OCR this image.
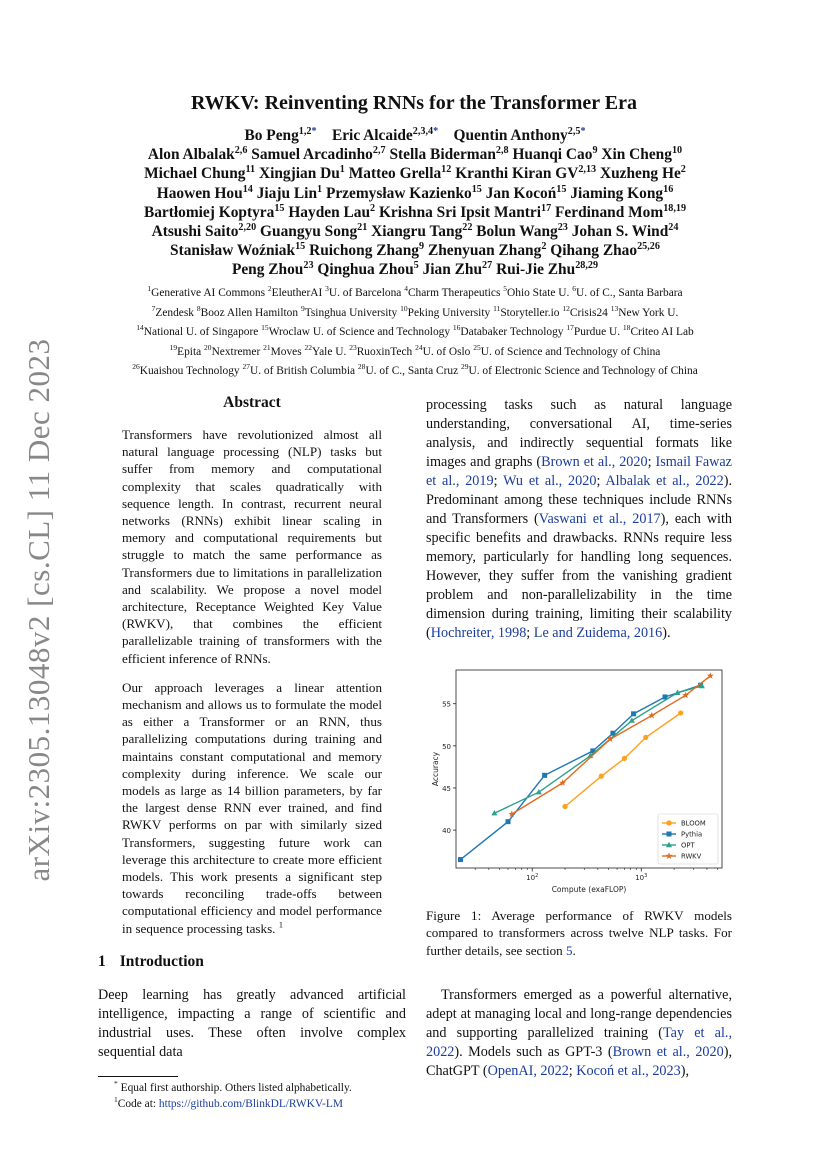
arXiv:2305.13048v2 [cs.CL] 11 Dec 2023
RWKV: Reinventing RNNs for the Transformer Era
Bo Peng$^{1,2*}$   Eric Alcaide$^{2,3,4*}$   Quentin Anthony$^{2,5*}$
Alon Albalak$^{2,6}$ Samuel Arcadinho$^{2,7}$ Stella Biderman$^{2,8}$ Huanqi Cao$^9$ Xin Cheng$^{10}$
Michael Chung$^{11}$ Xingjian Du$^1$ Matteo Grella$^{12}$ Kranthi Kiran GV$^{2,13}$ Xuzheng He$^2$
Haowen Hou$^{14}$ Jiaju Lin$^1$ Przemysław Kazienko$^{15}$ Jan Kocoń$^{15}$ Jiaming Kong$^{16}$
Bartłomiej Koptyra$^{15}$ Hayden Lau$^2$ Krishna Sri Ipsit Mantri$^{17}$ Ferdinand Mom$^{18,19}$
Atsushi Saito$^{2,20}$ Guangyu Song$^{21}$ Xiangru Tang$^{22}$ Bolun Wang$^{23}$ Johan S. Wind$^{24}$
Stanisław Woźniak$^{15}$ Ruichong Zhang$^9$ Zhenyuan Zhang$^2$ Qihang Zhao$^{25,26}$
Peng Zhou$^{23}$ Qinghua Zhou$^5$ Jian Zhu$^{27}$ Rui-Jie Zhu$^{28,29}$
$^1$Generative AI Commons $^2$EleutherAI $^3$U. of Barcelona $^4$Charm Therapeutics $^5$Ohio State U. $^6$U. of C., Santa Barbara
$^7$Zendesk $^8$Booz Allen Hamilton $^9$Tsinghua University $^{10}$Peking University $^{11}$Storyteller.io $^{12}$Crisis24 $^{13}$New York U.
$^{14}$National U. of Singapore $^{15}$Wroclaw U. of Science and Technology $^{16}$Databaker Technology $^{17}$Purdue U. $^{18}$Criteo AI Lab
$^{19}$Epita $^{20}$Nextremer $^{21}$Moves $^{22}$Yale U. $^{23}$RuoxinTech $^{24}$U. of Oslo $^{25}$U. of Science and Technology of China
$^{26}$Kuaishou Technology $^{27}$U. of British Columbia $^{28}$U. of C., Santa Cruz $^{29}$U. of Electronic Science and Technology of China
Abstract

Transformers have revolutionized almost all natural language processing (NLP) tasks but suffer from memory and computational complexity that scales quadratically with sequence length. In contrast, recurrent neural networks (RNNs) exhibit linear scaling in memory and computational requirements but struggle to match the same performance as Transformers due to limitations in parallelization and scalability. We propose a novel model architecture, Receptance Weighted Key Value (RWKV), that combines the efficient parallelizable training of transformers with the efficient inference of RNNs.

Our approach leverages a linear attention mechanism and allows us to formulate the model as either a Transformer or an RNN, thus parallelizing computations during training and maintains constant computational and memory complexity during inference. We scale our models as large as 14 billion parameters, by far the largest dense RNN ever trained, and find RWKV performs on par with similarly sized Transformers, suggesting future work can leverage this architecture to create more efficient models. This work presents a significant step towards reconciling trade-offs between computational efficiency and model performance in sequence processing tasks. $^1$

1 Introduction

Deep learning has greatly advanced artificial intelligence, impacting a range of scientific and industrial uses. These often involve complex sequential data

* Equal first authorship. Others listed alphabetically.
$^1$Code at: https://github.com/BlinkDL/RWKV-LM

processing tasks such as natural language understanding, conversational AI, time-series analysis, and indirectly sequential formats like images and graphs (Brown et al., 2020; Ismail Fawaz et al., 2019; Wu et al., 2020; Albalak et al., 2022). Predominant among these techniques include RNNs and Transformers (Vaswani et al., 2017), each with specific benefits and drawbacks. RNNs require less memory, particularly for handling long sequences. However, they suffer from the vanishing gradient problem and non-parallelizability in the time dimension during training, limiting their scalability (Hochreiter, 1998; Le and Zuidema, 2016).

40
45
50
55
$10^2$	$10^3$
Compute (exaFLOP)
Accuracy
BLOOM
Pythia
OPT
RWKV
Figure 1: Average performance of RWKV models compared to transformers across twelve NLP tasks. For further details, see section 5.

Transformers emerged as a powerful alternative, adept at managing local and long-range dependencies and supporting parallelized training (Tay et al., 2022). Models such as GPT-3 (Brown et al., 2020), ChatGPT (OpenAI, 2022; Kocoń et al., 2023),
